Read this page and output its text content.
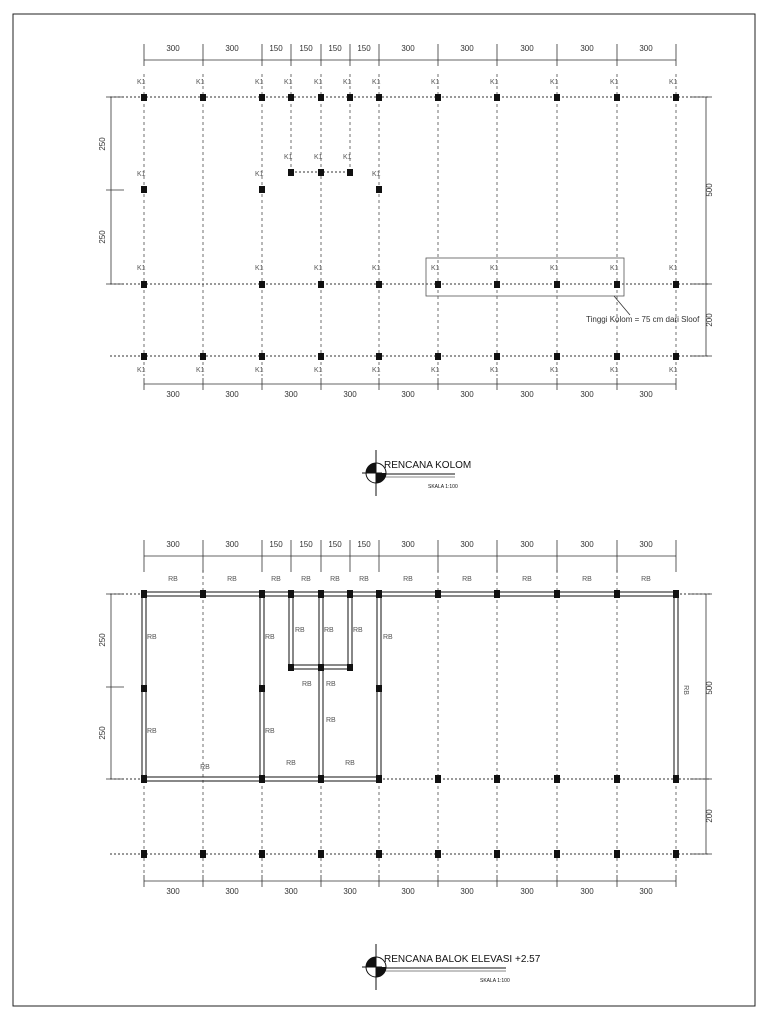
300	300	150 150 150 150	300	300	300	300	300
250
250
500
200
K1	K1	K1	K1	K1	K1	K1	K1	K1	K1	K1	K1
K1	K1	K1
K1	K1	K1
K1	K1	K1	K1	K1	K1	K1	K1	K1
K1	K1	K1	K1	K1	K1	K1	K1	K1	K1
Tinggi Kolom = 75 cm dari Sloof
300	300	300	300	300	300	300	300	300
RENCANA KOLOM
SKALA 1:100
300	300	150 150 150 150	300	300	300	300	300
RB	RB	RB	RB	RB	RB	RB	RB	RB	RB	RB
RB
RB
RB
RB
RB	RB	RB
RB
RB RB
RB
RB
RB	RB
RB
250
250
500
200
300	300	300	300	300	300	300	300	300
RENCANA BALOK ELEVASI +2.57
SKALA 1:100
